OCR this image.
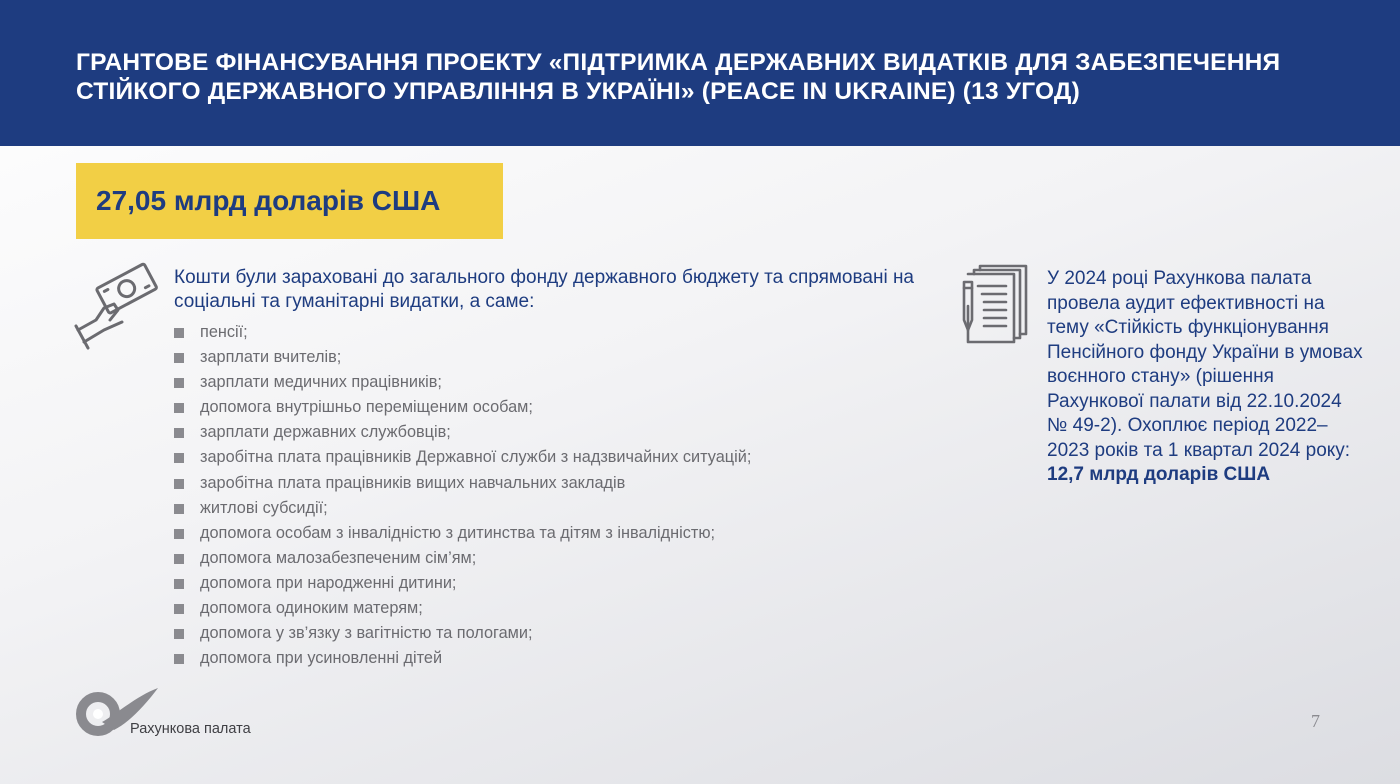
ГРАНТОВЕ ФІНАНСУВАННЯ ПРОЕКТУ «ПІДТРИМКА ДЕРЖАВНИХ ВИДАТКІВ ДЛЯ ЗАБЕЗПЕЧЕННЯ СТІЙКОГО ДЕРЖАВНОГО УПРАВЛІННЯ В УКРАЇНІ» (PEACE IN UKRAINE) (13 УГОД)
27,05 млрд доларів США
Кошти були зараховані до загального фонду державного бюджету та спрямовані на соціальні та гуманітарні видатки, а саме:
пенсії;
зарплати вчителів;
зарплати медичних працівників;
допомога внутрішньо переміщеним особам;
зарплати державних службовців;
заробітна плата працівників Державної служби з надзвичайних ситуацій;
заробітна плата працівників вищих навчальних закладів
житлові субсидії;
допомога особам з інвалідністю з дитинства та дітям з інвалідністю;
допомога малозабезпеченим сім’ям;
допомога при народженні дитини;
допомога одиноким матерям;
допомога у зв’язку з вагітністю та пологами;
допомога при усиновленні дітей
У 2024 році Рахункова палата провела аудит ефективності на тему «Стійкість функціонування Пенсійного фонду України в умовах воєнного стану» (рішення Рахункової палати від 22.10.2024 № 49-2). Охоплює період 2022–2023 років та 1 квартал 2024 року: 12,7 млрд доларів США
Рахункова палата	7
